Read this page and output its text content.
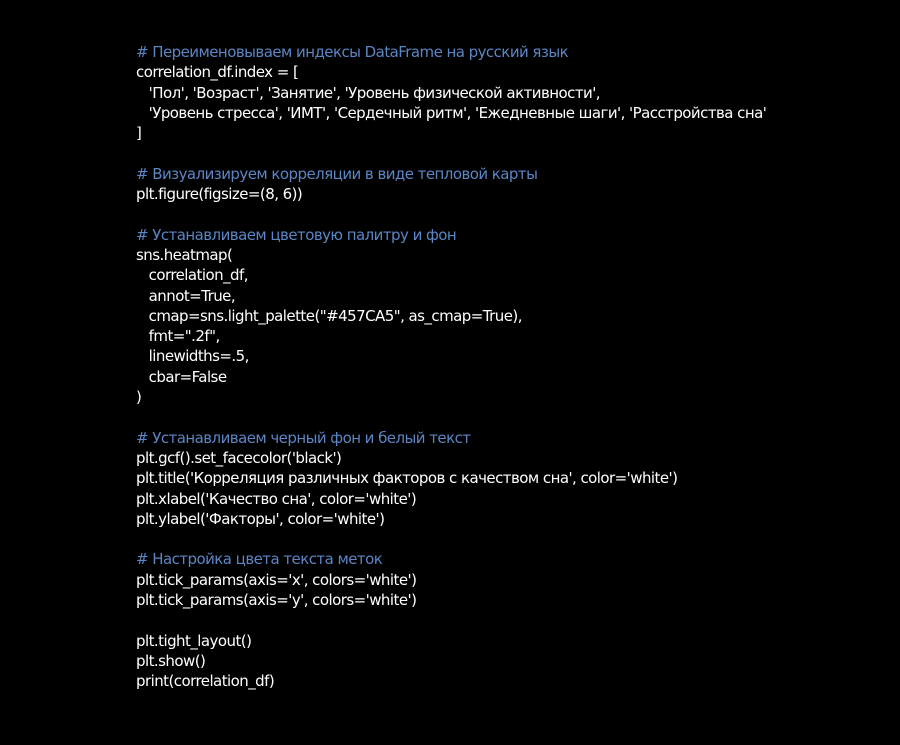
# Переименовываем индексы DataFrame на русский язык
correlation_df.index = [
'Пол', 'Возраст', 'Занятие', 'Уровень физической активности',
'Уровень стресса', 'ИМТ', 'Сердечный ритм', 'Ежедневные шаги', 'Расстройства сна'
]
# Визуализируем корреляции в виде тепловой карты
plt.figure(figsize=(8, 6))
# Устанавливаем цветовую палитру и фон
sns.heatmap(
correlation_df,
annot=True,
cmap=sns.light_palette("#457CA5", as_cmap=True),
fmt=".2f",
linewidths=.5,
cbar=False
)
# Устанавливаем черный фон и белый текст
plt.gcf().set_facecolor('black')
plt.title('Корреляция различных факторов с качеством сна', color='white')
plt.xlabel('Качество сна', color='white')
plt.ylabel('Факторы', color='white')
# Настройка цвета текста меток
plt.tick_params(axis='x', colors='white')
plt.tick_params(axis='y', colors='white')
plt.tight_layout()
plt.show()
print(correlation_df)
